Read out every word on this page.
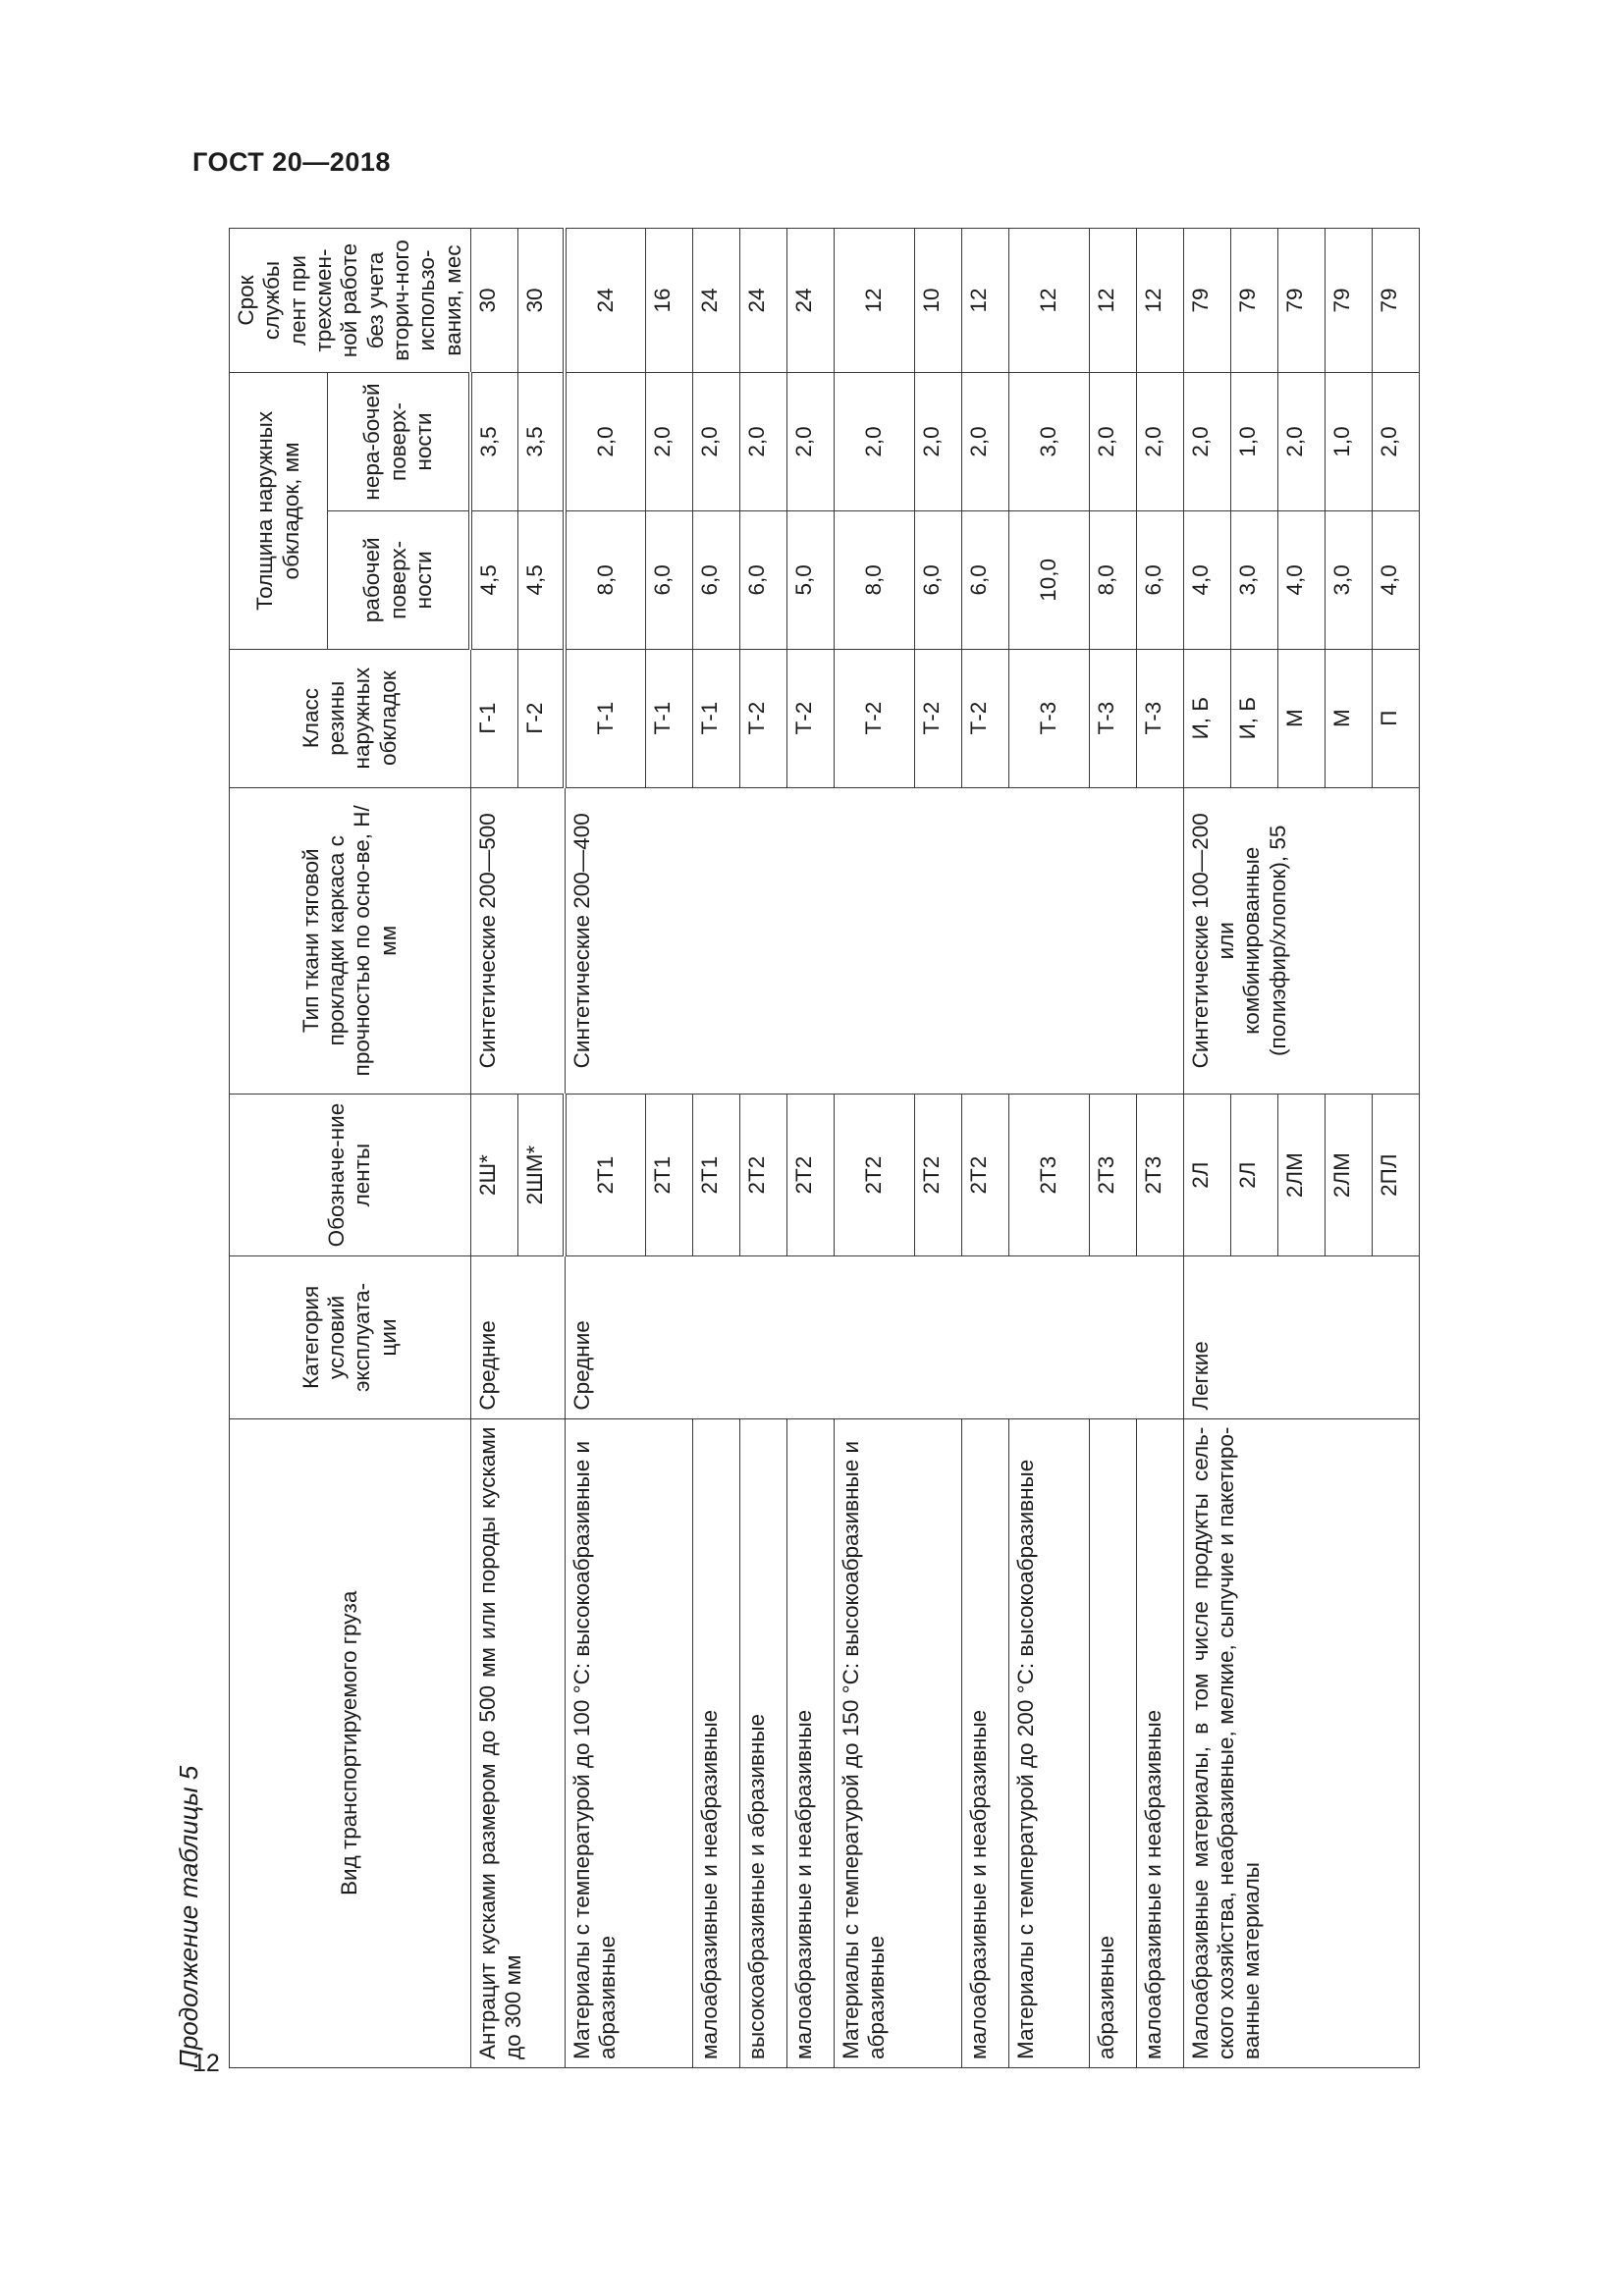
ГОСТ 20—2018
12
Продолжение таблицы 5
Вид транспортируемого груза	Категория условий эксплуата-ции	Обозначе-ние ленты	Тип ткани тяговой прокладки каркаса с прочностью по осно-ве, Н/мм	Класс резины наружных обкладок	Толщина наружных обкладок, мм		Срок службы лент при трехсмен-ной работе без учета вторич-ного использо-вания, мес
					рабочей поверх-ности	нера-бочей поверх-ности	
Антрацит кусками размером до 500 мм или породы кусками до 300 мм	Средние	2Ш*	Синтетические 200—500	Г-1	4,5	3,5	30
		2ШМ*		Г-2	4,5	3,5	30
Материалы с температурой до 100 °С: высокоабразивные и абразивные	Средние	2Т1	Синтетические 200—400	Т-1	8,0	2,0	24
		2Т1		Т-1	6,0	2,0	16
малоабразивные и неабразивные		2Т1		Т-1	6,0	2,0	24
высокоабразивные и абразивные		2Т2		Т-2	6,0	2,0	24
малоабразивные и неабразивные		2Т2		Т-2	5,0	2,0	24
Материалы с температурой до 150 °С: высокоабразивные и абразивные		2Т2		Т-2	8,0	2,0	12
		2Т2		Т-2	6,0	2,0	10
малоабразивные и неабразивные		2Т2		Т-2	6,0	2,0	12
Материалы с температурой до 200 °С: высокоабразивные		2Т3		Т-3	10,0	3,0	12
абразивные		2Т3		Т-3	8,0	2,0	12
малоабразивные и неабразивные		2Т3		Т-3	6,0	2,0	12
Малоабразивные материалы, в том числе продукты сель-ского хозяйства, неабразивные, мелкие, сыпучие и пакетиро-ванные материалы	Легкие	2Л	Синтетические 100—200 или комбинированные (полиэфир/хлопок), 55	И, Б	4,0	2,0	79
		2Л		И, Б	3,0	1,0	79
		2ЛМ		М	4,0	2,0	79
		2ЛМ		М	3,0	1,0	79
		2ПЛ		П	4,0	2,0	79
